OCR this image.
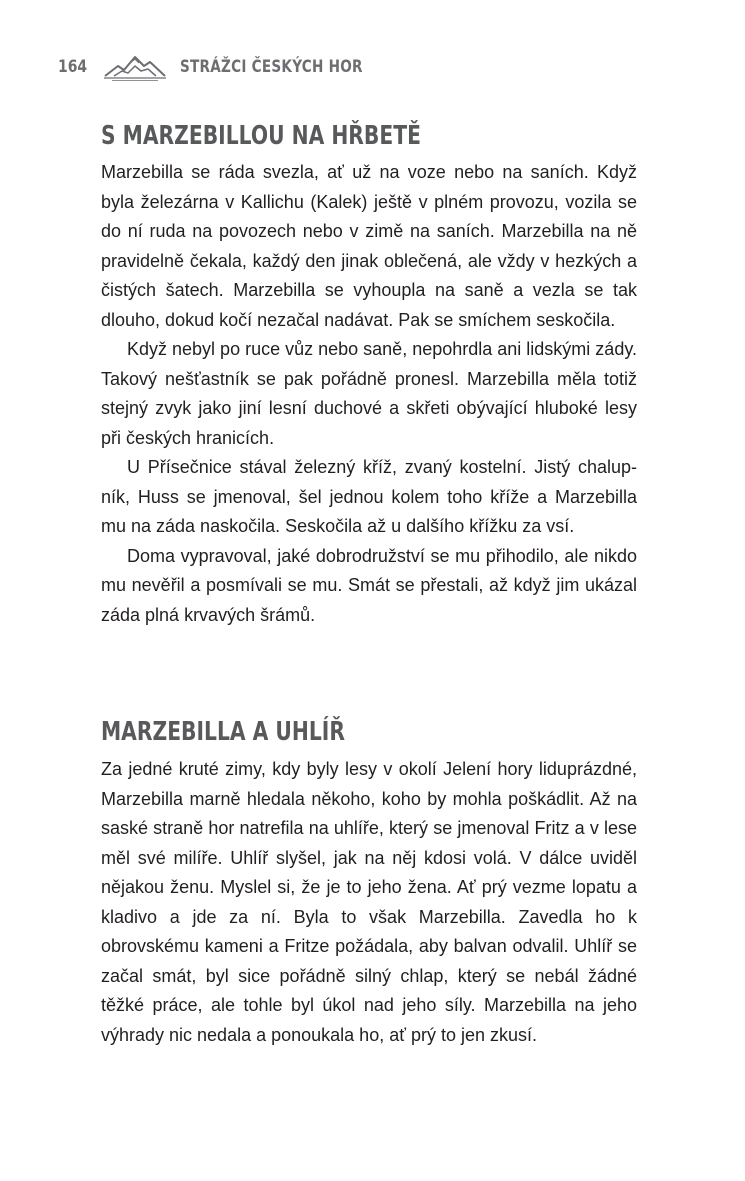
164	STRÁŽCI ČESKÝCH HOR
S MARZEBILLOU NA HŘBETĚ

Marzebilla se ráda svezla, ať už na voze nebo na saních. Když byla železárna v Kallichu (Kalek) ještě v plném provozu, vozila se do ní ruda na povozech nebo v zimě na saních. Marzebilla na ně pravidelně čekala, každý den jinak oblečená, ale vždy v hezkých a čistých šatech. Marzebilla se vyhoupla na saně a vezla se tak dlouho, dokud kočí nezačal nadávat. Pak se smíchem seskočila.

Když nebyl po ruce vůz nebo saně, nepohrdla ani lidskými zády. Takový nešťastník se pak pořádně pronesl. Marzebilla měla totiž stejný zvyk jako jiní lesní duchové a skřeti obývající hluboké lesy při českých hranicích.

U Přísečnice stával železný kříž, zvaný kostelní. Jistý chalupník, Huss se jmenoval, šel jednou kolem toho kříže a Marzebilla mu na záda naskočila. Seskočila až u dalšího křížku za vsí.

Doma vypravoval, jaké dobrodružství se mu přihodilo, ale nikdo mu nevěřil a posmívali se mu. Smát se přestali, až když jim ukázal záda plná krvavých šrámů.

MARZEBILLA A UHLÍŘ

Za jedné kruté zimy, kdy byly lesy v okolí Jelení hory liduprázdné, Marzebilla marně hledala někoho, koho by mohla poškádlit. Až na saské straně hor natrefila na uhlíře, který se jmenoval Fritz a v lese měl své milíře. Uhlíř slyšel, jak na něj kdosi volá. V dálce uviděl nějakou ženu. Myslel si, že je to jeho žena. Ať prý vezme lopatu a kladivo a jde za ní. Byla to však Marzebilla. Zavedla ho k obrovskému kameni a Fritze požádala, aby balvan odvalil. Uhlíř se začal smát, byl sice pořádně silný chlap, který se nebál žádné těžké práce, ale tohle byl úkol nad jeho síly. Marzebilla na jeho výhrady nic nedala a ponoukala ho, ať prý to jen zkusí.
